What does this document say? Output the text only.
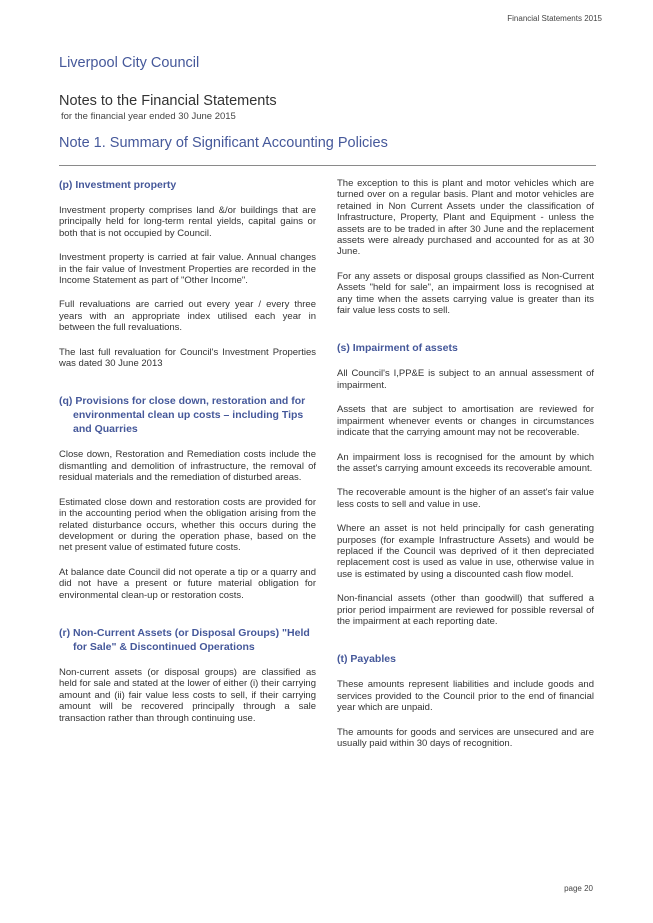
Financial Statements 2015
Liverpool City Council
Notes to the Financial Statements
for the financial year ended 30 June 2015
Note 1. Summary of Significant Accounting Policies
(p) Investment property

Investment property comprises land &/or buildings that are principally held for long-term rental yields, capital gains or both that is not occupied by Council.

Investment property is carried at fair value. Annual changes in the fair value of Investment Properties are recorded in the Income Statement as part of "Other Income".

Full revaluations are carried out every year / every three years with an appropriate index utilised each year in between the full revaluations.

The last full revaluation for Council's Investment Properties was dated 30 June 2013

(q) Provisions for close down, restoration and for environmental clean up costs – including Tips and Quarries

Close down, Restoration and Remediation costs include the dismantling and demolition of infrastructure, the removal of residual materials and the remediation of disturbed areas.

Estimated close down and restoration costs are provided for in the accounting period when the obligation arising from the related disturbance occurs, whether this occurs during the development or during the operation phase, based on the net present value of estimated future costs.

At balance date Council did not operate a tip or a quarry and did not have a present or future material obligation for environmental clean-up or restoration costs.

(r) Non-Current Assets (or Disposal Groups) "Held for Sale" & Discontinued Operations

Non-current assets (or disposal groups) are classified as held for sale and stated at the lower of either (i) their carrying amount and (ii) fair value less costs to sell, if their carrying amount will be recovered principally through a sale transaction rather than through continuing use.

The exception to this is plant and motor vehicles which are turned over on a regular basis. Plant and motor vehicles are retained in Non Current Assets under the classification of Infrastructure, Property, Plant and Equipment - unless the assets are to be traded in after 30 June and the replacement assets were already purchased and accounted for as at 30 June.

For any assets or disposal groups classified as Non-Current Assets "held for sale", an impairment loss is recognised at any time when the assets carrying value is greater than its fair value less costs to sell.

(s) Impairment of assets

All Council's I,PP&E is subject to an annual assessment of impairment.

Assets that are subject to amortisation are reviewed for impairment whenever events or changes in circumstances indicate that the carrying amount may not be recoverable.

An impairment loss is recognised for the amount by which the asset's carrying amount exceeds its recoverable amount.

The recoverable amount is the higher of an asset's fair value less costs to sell and value in use.

Where an asset is not held principally for cash generating purposes (for example Infrastructure Assets) and would be replaced if the Council was deprived of it then depreciated replacement cost is used as value in use, otherwise value in use is estimated by using a discounted cash flow model.

Non-financial assets (other than goodwill) that suffered a prior period impairment are reviewed for possible reversal of the impairment at each reporting date.

(t) Payables

These amounts represent liabilities and include goods and services provided to the Council prior to the end of financial year which are unpaid.

The amounts for goods and services are unsecured and are usually paid within 30 days of recognition.

page 20
